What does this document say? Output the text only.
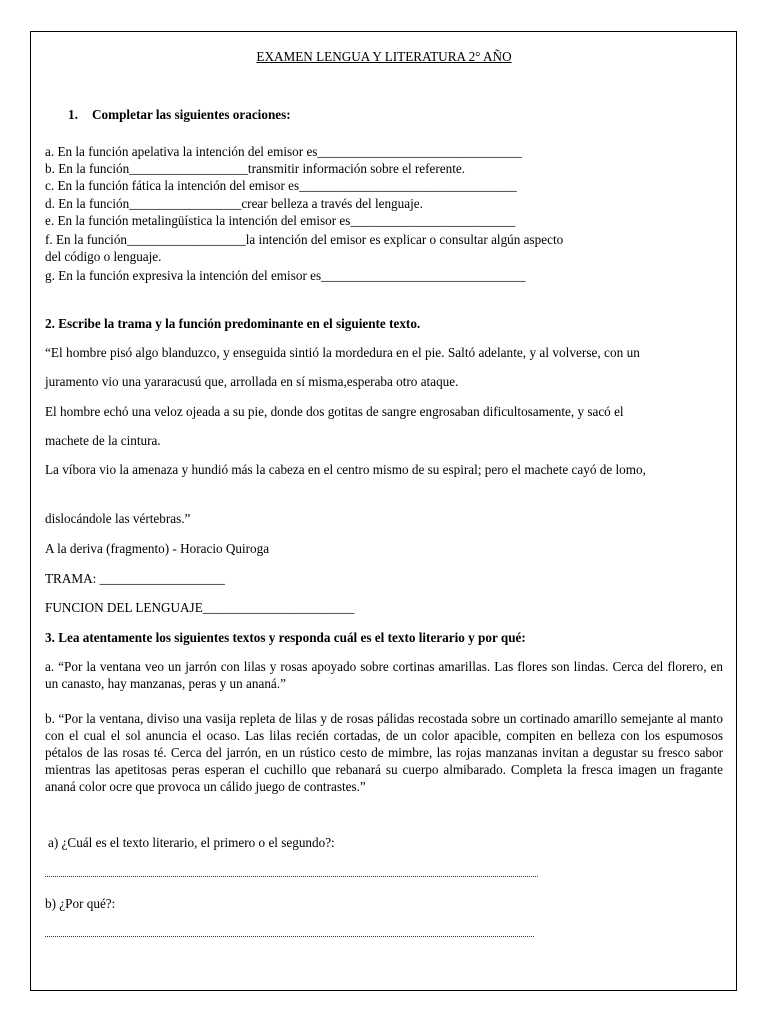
EXAMEN LENGUA Y LITERATURA 2° AÑO
1. Completar las siguientes oraciones:
a. En la función apelativa la intención del emisor es_______________________________
b. En la función__________________transmitir información sobre el referente.
c. En la función fática la intención del emisor es_________________________________
d. En la función_________________crear belleza a través del lenguaje.
e. En la función metalingüística la intención del emisor es_________________________
f. En la función__________________la intención del emisor es explicar o consultar algún aspecto
del código o lenguaje.
g. En la función expresiva la intención del emisor es_______________________________
2. Escribe la trama y la función predominante en el siguiente texto.
“El hombre pisó algo blanduzco, y enseguida sintió la mordedura en el pie. Saltó adelante, y al volverse, con un
juramento vio una yararacusú que, arrollada en sí misma,esperaba otro ataque.
El hombre echó una veloz ojeada a su pie, donde dos gotitas de sangre engrosaban dificultosamente, y sacó el
machete de la cintura.
La víbora vio la amenaza y hundió más la cabeza en el centro mismo de su espiral; pero el machete cayó de lomo,
dislocándole las vértebras.”
A la deriva (fragmento) - Horacio Quiroga
TRAMA: ___________________
FUNCION DEL LENGUAJE_______________________
3. Lea atentamente los siguientes textos y responda cuál es el texto literario y por qué:
a. “Por la ventana veo un jarrón con lilas y rosas apoyado sobre cortinas amarillas. Las flores son lindas. Cerca del florero, en un canasto, hay manzanas, peras y un ananá.”
b. “Por la ventana, diviso una vasija repleta de lilas y de rosas pálidas recostada sobre un cortinado amarillo semejante al manto con el cual el sol anuncia el ocaso. Las lilas recién cortadas, de un color apacible, compiten en belleza con los espumosos pétalos de las rosas té. Cerca del jarrón, en un rústico cesto de mimbre, las rojas manzanas invitan a degustar su fresco sabor mientras las apetitosas peras esperan el cuchillo que rebanará su cuerpo almibarado. Completa la fresca imagen un fragante ananá color ocre que provoca un cálido juego de contrastes.”
a) ¿Cuál es el texto literario, el primero o el segundo?:
b) ¿Por qué?:
